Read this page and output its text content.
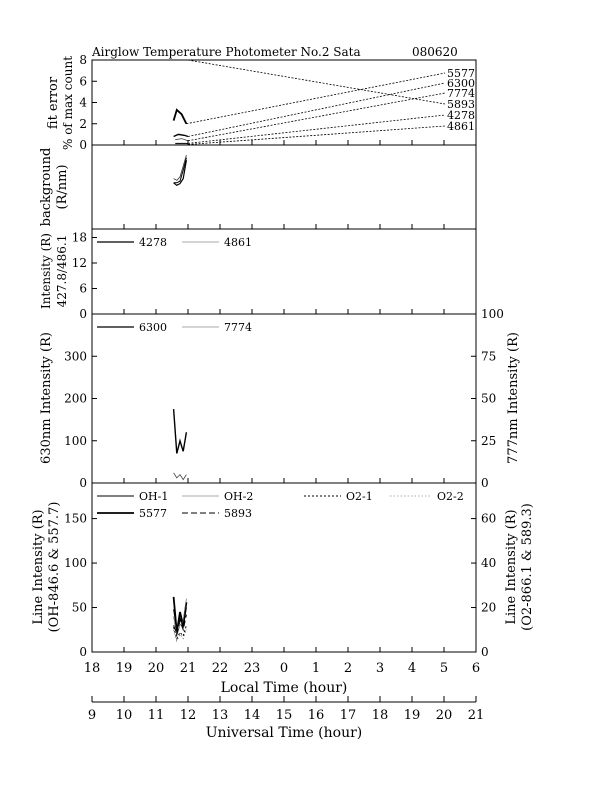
Airglow Temperature Photometer No.2 Sata	080620
fit error % of max count
background (R/nm)
Intensity (R) 427.8/486.1
630nm Intensity (R)	777nm Intensity (R)
Line Intensity (R) (OH-846.6 & 557.7)	Line Intensity (R) (O2-866.1 & 589.3)
0
2
4
6
8
0
6
12
18
0
100
200
300
0
25
50
75
100
0
50
100
150
0
20
40
60
5577
6300
7774
5893
4278
4861
4278	4861
6300	7774
OH-1	OH-2	O2-1	O2-2
5577	5893
18 19 20 21 22 23 0 1 2 3 4 5 6
Local Time (hour)
9 10 11 12 13 14 15 16 17 18 19 20 21
Universal Time (hour)
